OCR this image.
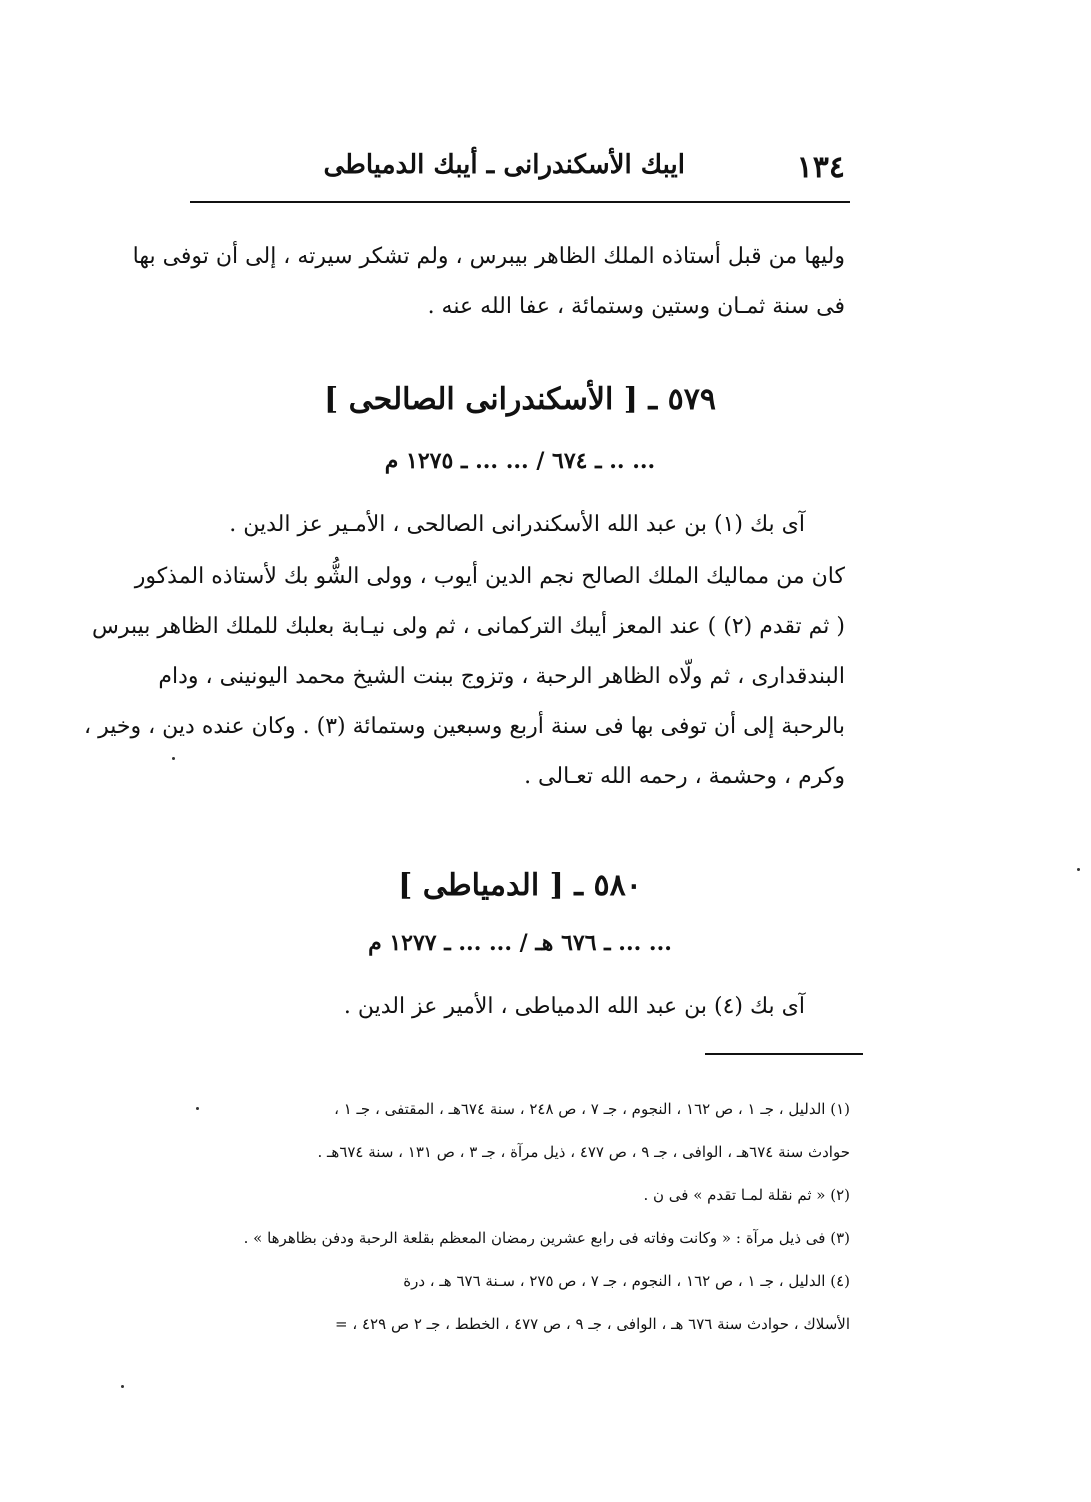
١٣٤
ايبك الأسكندرانى ـ أيبك الدمياطى
وليها من قبل أستاذه الملك الظاهر بيبرس ، ولم تشكر سيرته ، إلى أن توفى بها
فى سنة ثمـان وستين وستمائة ، عفا الله عنه .
٥٧٩ ـ [ الأسكندرانى الصالحى ]
... .. ـ ٦٧٤ / ... ... ـ ١٢٧٥ م
آى بك (١) بن عبد الله الأسكندرانى الصالحى ، الأمـير عز الدين .
كان من مماليك الملك الصالح نجم الدين أيوب ، وولى الشُّو بك لأستاذه المذكور
( ثم تقدم (٢) ) عند المعز أيبك التركمانى ، ثم ولى نيـابة بعلبك للملك الظاهر بيبرس
البندقدارى ، ثم ولّاه الظاهر الرحبة ، وتزوج ببنت الشيخ محمد اليونينى ، ودام
بالرحبة إلى أن توفى بها فى سنة أربع وسبعين وستمائة (٣) . وكان عنده دين ، وخير ،
وكرم ، وحشمة ، رحمه الله تعـالى .
٥٨٠ ـ [ الدمياطى ]
... ... ـ ٦٧٦ هـ / ... ... ـ ١٢٧٧ م
آى بك (٤) بن عبد الله الدمياطى ، الأمير عز الدين .
(١) الدليل ، جـ ١ ، ص ١٦٢ ، النجوم ، جـ ٧ ، ص ٢٤٨ ، سنة ٦٧٤هـ ، المقتفى ، جـ ١ ،
حوادث سنة ٦٧٤هـ ، الوافى ، جـ ٩ ، ص ٤٧٧ ، ذيل مرآة ، جـ ٣ ، ص ١٣١ ، سنة ٦٧٤هـ .
(٢) « ثم نقلة لمـا تقدم » فى ن .
(٣) فى ذيل مرآة : « وكانت وفاته فى رابع عشرين رمضان المعظم بقلعة الرحبة ودفن بظاهرها » .
(٤) الدليل ، جـ ١ ، ص ١٦٢ ، النجوم ، جـ ٧ ، ص ٢٧٥ ، سـنة ٦٧٦ هـ ، درة
الأسلاك ، حوادث سنة ٦٧٦ هـ ، الوافى ، جـ ٩ ، ص ٤٧٧ ، الخطط ، جـ ٢ ص ٤٢٩ ، =
